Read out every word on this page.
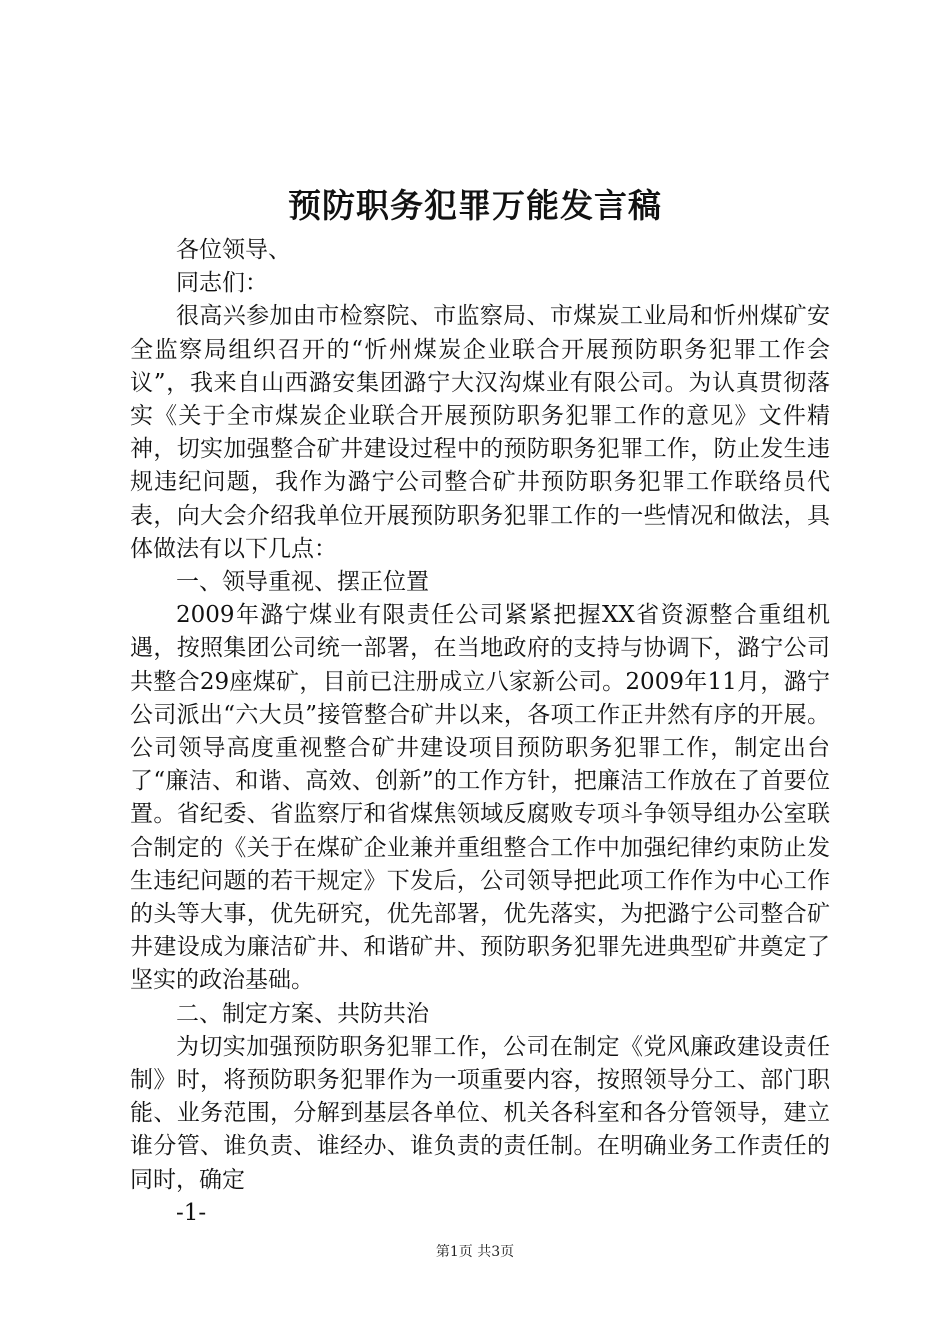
预防职务犯罪万能发言稿

各位领导、

同志们：

很高兴参加由市检察院、市监察局、市煤炭工业局和忻州煤矿安全监察局组织召开的“忻州煤炭企业联合开展预防职务犯罪工作会议”，我来自山西潞安集团潞宁大汉沟煤业有限公司。为认真贯彻落实《关于全市煤炭企业联合开展预防职务犯罪工作的意见》文件精神，切实加强整合矿井建设过程中的预防职务犯罪工作，防止发生违规违纪问题，我作为潞宁公司整合矿井预防职务犯罪工作联络员代表，向大会介绍我单位开展预防职务犯罪工作的一些情况和做法，具体做法有以下几点：

一、领导重视、摆正位置

2009年潞宁煤业有限责任公司紧紧把握XX省资源整合重组机遇，按照集团公司统一部署，在当地政府的支持与协调下，潞宁公司共整合29座煤矿，目前已注册成立八家新公司。2009年11月，潞宁公司派出“六大员”接管整合矿井以来，各项工作正井然有序的开展。公司领导高度重视整合矿井建设项目预防职务犯罪工作，制定出台了“廉洁、和谐、高效、创新”的工作方针，把廉洁工作放在了首要位置。省纪委、省监察厅和省煤焦领域反腐败专项斗争领导组办公室联合制定的《关于在煤矿企业兼并重组整合工作中加强纪律约束防止发生违纪问题的若干规定》下发后，公司领导把此项工作作为中心工作的头等大事，优先研究，优先部署，优先落实，为把潞宁公司整合矿井建设成为廉洁矿井、和谐矿井、预防职务犯罪先进典型矿井奠定了坚实的政治基础。

二、制定方案、共防共治

为切实加强预防职务犯罪工作，公司在制定《党风廉政建设责任制》时，将预防职务犯罪作为一项重要内容，按照领导分工、部门职能、业务范围，分解到基层各单位、机关各科室和各分管领导，建立谁分管、谁负责、谁经办、谁负责的责任制。在明确业务工作责任的同时，确定

-1-

第1页 共3页
